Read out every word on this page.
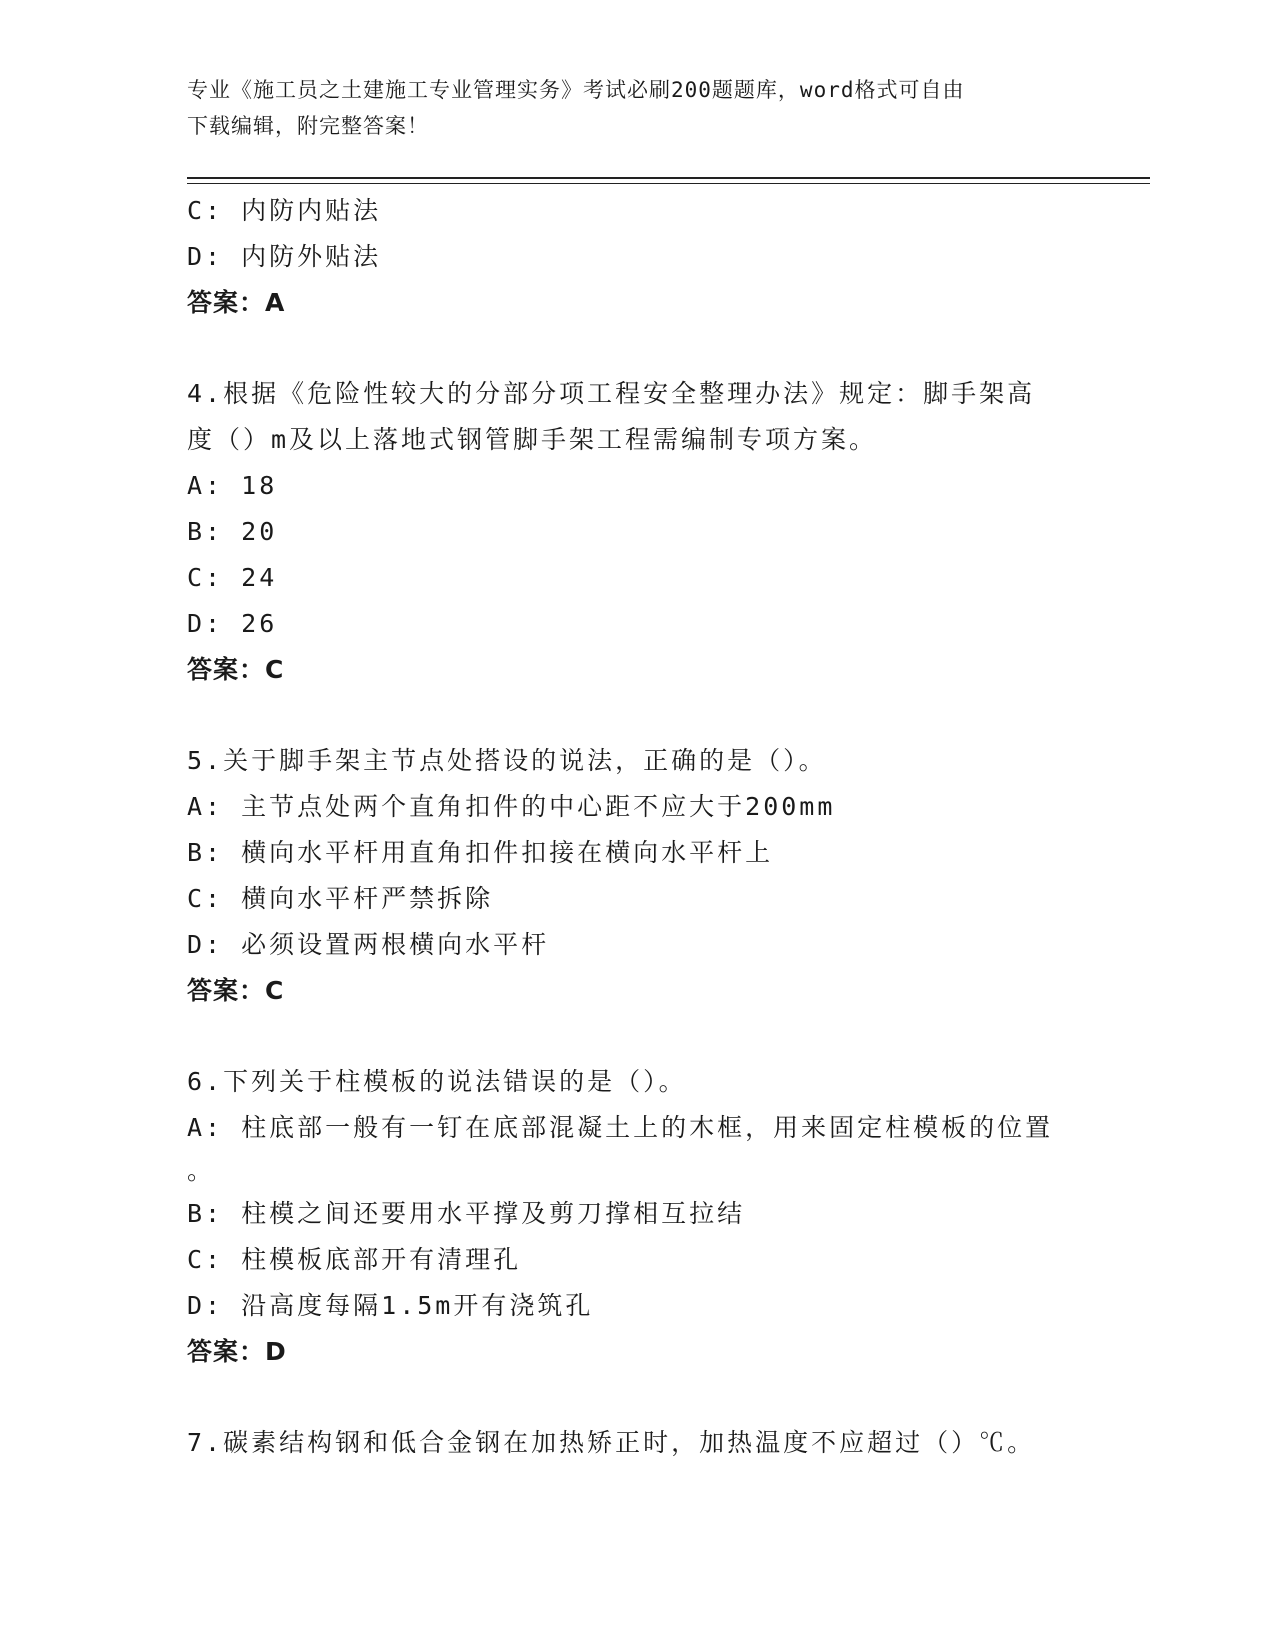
专业《施工员之土建施工专业管理实务》考试必刷200题题库，word格式可自由
下载编辑，附完整答案！
C: 内防内贴法
D: 内防外贴法
答案：A
4.根据《危险性较大的分部分项工程安全整理办法》规定：脚手架高
度（）m及以上落地式钢管脚手架工程需编制专项方案。
A: 18
B: 20
C: 24
D: 26
答案：C
5.关于脚手架主节点处搭设的说法，正确的是（）。
A: 主节点处两个直角扣件的中心距不应大于200mm
B: 横向水平杆用直角扣件扣接在横向水平杆上
C: 横向水平杆严禁拆除
D: 必须设置两根横向水平杆
答案：C
6.下列关于柱模板的说法错误的是（）。
A: 柱底部一般有一钉在底部混凝土上的木框，用来固定柱模板的位置
。
B: 柱模之间还要用水平撑及剪刀撑相互拉结
C: 柱模板底部开有清理孔
D: 沿高度每隔1.5m开有浇筑孔
答案：D
7.碳素结构钢和低合金钢在加热矫正时，加热温度不应超过（）℃。
